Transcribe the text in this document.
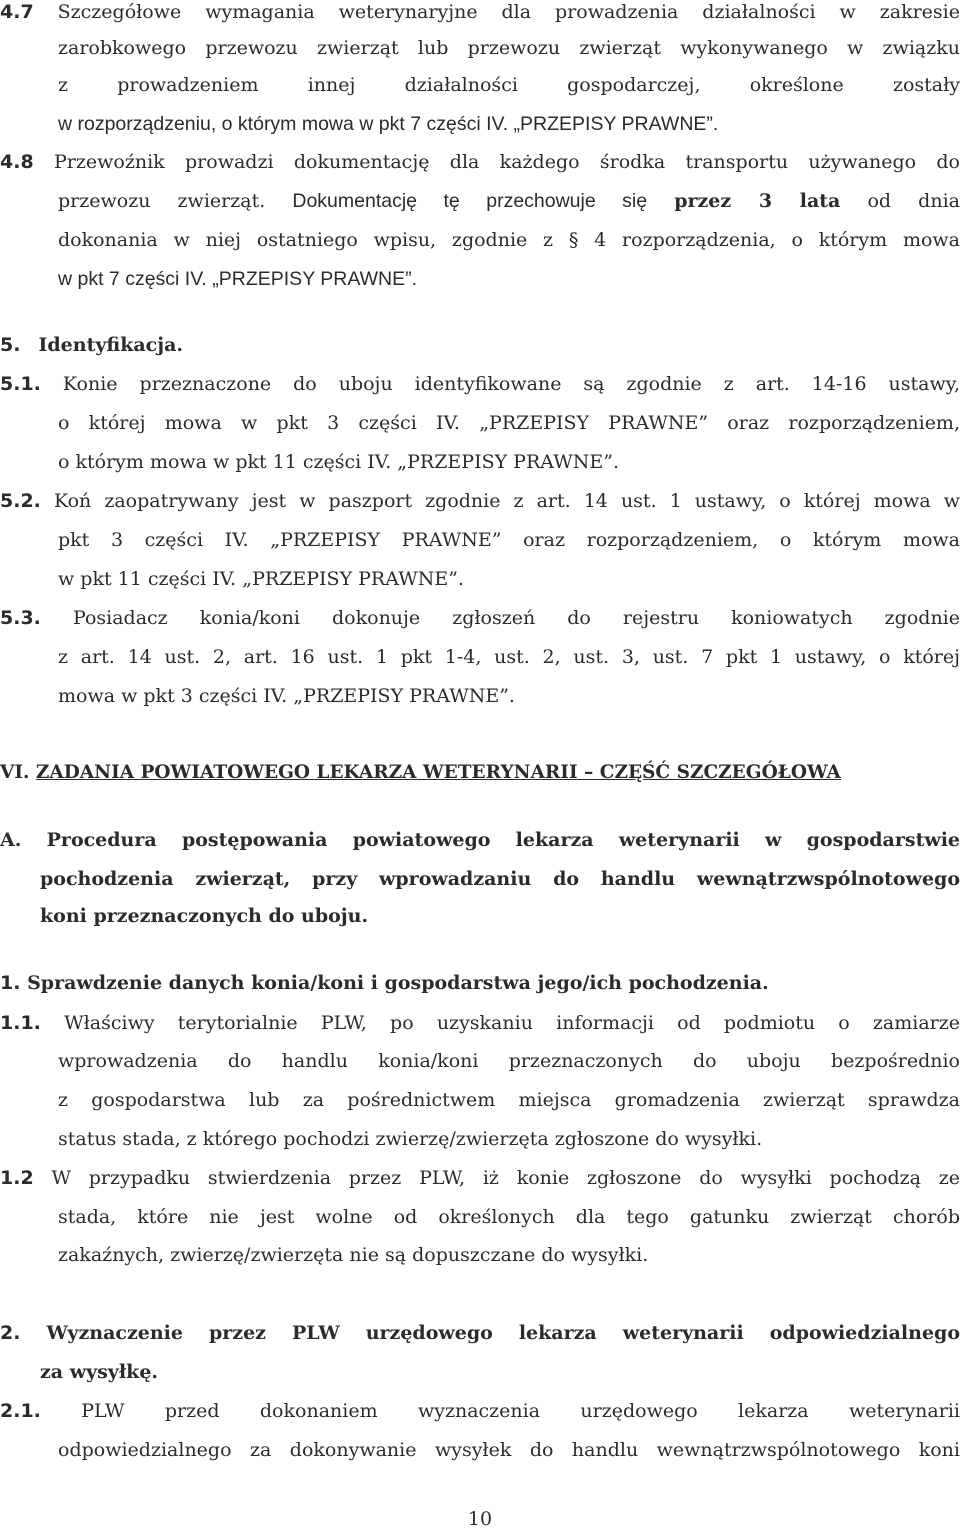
4.7 Szczegółowe wymagania weterynaryjne dla prowadzenia działalności w zakresie
zarobkowego przewozu zwierząt lub przewozu zwierząt wykonywanego w związku
z prowadzeniem innej działalności gospodarczej, określone zostały
w rozporządzeniu, o którym mowa w pkt 7 części IV. „PRZEPISY PRAWNE”.
4.8 Przewoźnik prowadzi dokumentację dla każdego środka transportu używanego do
przewozu zwierząt. Dokumentację tę przechowuje się przez 3 lata od dnia
dokonania w niej ostatniego wpisu, zgodnie z § 4 rozporządzenia, o którym mowa
w pkt 7 części IV. „PRZEPISY PRAWNE”.
5. Identyfikacja.
5.1. Konie przeznaczone do uboju identyfikowane są zgodnie z art. 14-16 ustawy,
o której mowa w pkt 3 części IV. „PRZEPISY PRAWNE” oraz rozporządzeniem,
o którym mowa w pkt 11 części IV. „PRZEPISY PRAWNE”.
5.2. Koń zaopatrywany jest w paszport zgodnie z art. 14 ust. 1 ustawy, o której mowa w
pkt 3 części IV. „PRZEPISY PRAWNE” oraz rozporządzeniem, o którym mowa
w pkt 11 części IV. „PRZEPISY PRAWNE”.
5.3. Posiadacz konia/koni dokonuje zgłoszeń do rejestru koniowatych zgodnie
z art. 14 ust. 2, art. 16 ust. 1 pkt 1-4, ust. 2, ust. 3, ust. 7 pkt 1 ustawy, o której
mowa w pkt 3 części IV. „PRZEPISY PRAWNE”.
VI. ZADANIA POWIATOWEGO LEKARZA WETERYNARII – CZĘŚĆ SZCZEGÓŁOWA
A. Procedura postępowania powiatowego lekarza weterynarii w gospodarstwie
pochodzenia zwierząt, przy wprowadzaniu do handlu wewnątrzwspólnotowego
koni przeznaczonych do uboju.
1. Sprawdzenie danych konia/koni i gospodarstwa jego/ich pochodzenia.
1.1. Właściwy terytorialnie PLW, po uzyskaniu informacji od podmiotu o zamiarze
wprowadzenia do handlu konia/koni przeznaczonych do uboju bezpośrednio
z gospodarstwa lub za pośrednictwem miejsca gromadzenia zwierząt sprawdza
status stada, z którego pochodzi zwierzę/zwierzęta zgłoszone do wysyłki.
1.2 W przypadku stwierdzenia przez PLW, iż konie zgłoszone do wysyłki pochodzą ze
stada, które nie jest wolne od określonych dla tego gatunku zwierząt chorób
zakaźnych, zwierzę/zwierzęta nie są dopuszczane do wysyłki.
2. Wyznaczenie przez PLW urzędowego lekarza weterynarii odpowiedzialnego
za wysyłkę.
2.1. PLW przed dokonaniem wyznaczenia urzędowego lekarza weterynarii
odpowiedzialnego za dokonywanie wysyłek do handlu wewnątrzwspólnotowego koni
10
